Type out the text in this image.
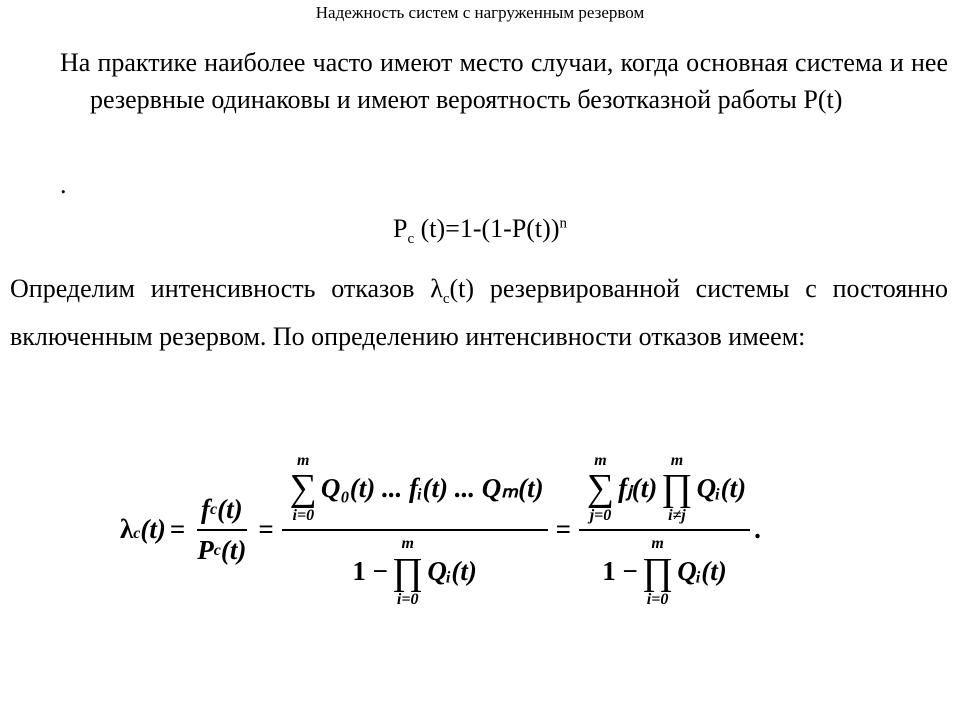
Надежность систем с нагруженным резервом
На практике наиболее часто имеют место случаи, когда основная система и нее резервные одинаковы и имеют вероятность безотказной работы P(t)
.
$P_c$ $(t)=1-(1-P(t))^n$
Определим интенсивность отказов $\lambda_c(t)$ резервированной системы с постоянно включенным резервом. По определению интенсивности отказов имеем:
$\lambda c(t) = \frac{\text{f c (t)}}{\text{P c (t)}} = m$
∑
i=0
Q₀(t) ... fᵢ(t) ... Qₘ(t)
1 −
m
∏
i=0
Qᵢ(t) = m
∑
j=0
fⱼ(t)
m
∏
i≠j
Qᵢ(t)
1 −
m
∏
i=0
Qᵢ(t) .
